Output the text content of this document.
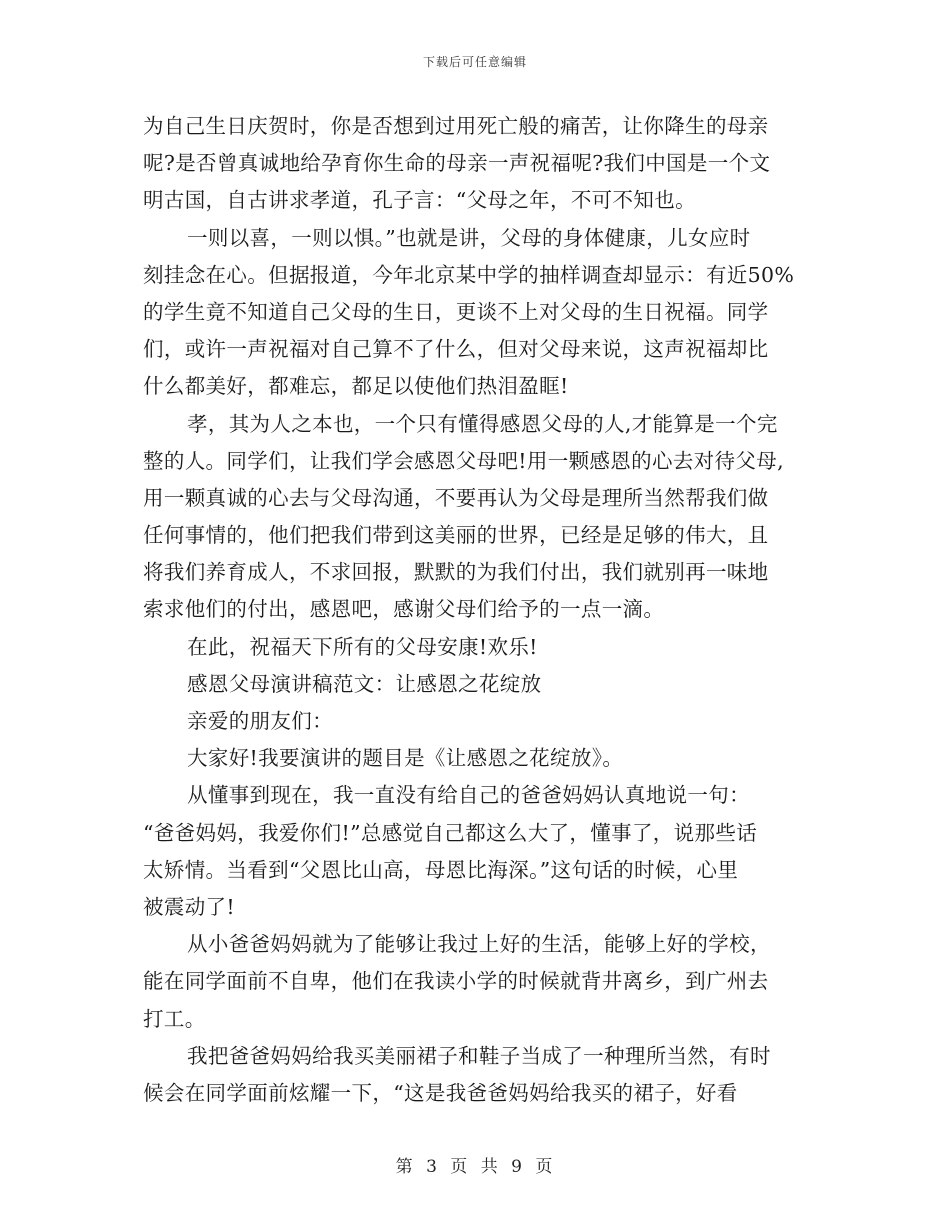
下载后可任意编辑
为自己生日庆贺时，你是否想到过用死亡般的痛苦，让你降生的母亲
呢?是否曾真诚地给孕育你生命的母亲一声祝福呢?我们中国是一个文
明古国，自古讲求孝道，孔子言：“父母之年，不可不知也。
一则以喜，一则以惧。”也就是讲，父母的身体健康，儿女应时
刻挂念在心。但据报道，今年北京某中学的抽样调查却显示：有近50%
的学生竟不知道自己父母的生日，更谈不上对父母的生日祝福。同学
们，或许一声祝福对自己算不了什么，但对父母来说，这声祝福却比
什么都美好，都难忘，都足以使他们热泪盈眶!
孝，其为人之本也，一个只有懂得感恩父母的人,才能算是一个完
整的人。同学们，让我们学会感恩父母吧!用一颗感恩的心去对待父母,
用一颗真诚的心去与父母沟通，不要再认为父母是理所当然帮我们做
任何事情的，他们把我们带到这美丽的世界，已经是足够的伟大，且
将我们养育成人，不求回报，默默的为我们付出，我们就别再一味地
索求他们的付出，感恩吧，感谢父母们给予的一点一滴。
在此，祝福天下所有的父母安康!欢乐!
感恩父母演讲稿范文：让感恩之花绽放
亲爱的朋友们：
大家好!我要演讲的题目是《让感恩之花绽放》。
从懂事到现在，我一直没有给自己的爸爸妈妈认真地说一句：
“爸爸妈妈，我爱你们!”总感觉自己都这么大了，懂事了，说那些话
太矫情。当看到“父恩比山高，母恩比海深。”这句话的时候，心里
被震动了!
从小爸爸妈妈就为了能够让我过上好的生活，能够上好的学校，
能在同学面前不自卑，他们在我读小学的时候就背井离乡，到广州去
打工。
我把爸爸妈妈给我买美丽裙子和鞋子当成了一种理所当然，有时
候会在同学面前炫耀一下，“这是我爸爸妈妈给我买的裙子，好看
第 3 页 共 9 页
